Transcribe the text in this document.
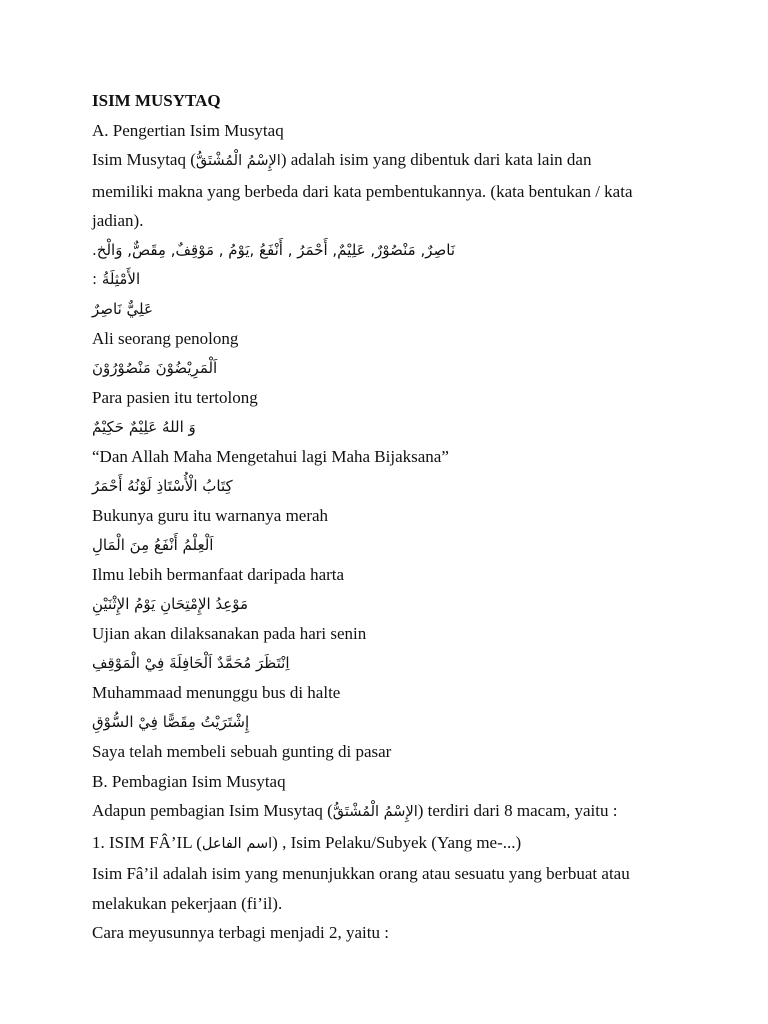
ISIM MUSYTAQ
A. Pengertian Isim Musytaq
Isim Musytaq (الإِسْمُ الْمُشْتَقُّ) adalah isim yang dibentuk dari kata lain dan
memiliki makna yang berbeda dari kata pembentukannya. (kata bentukan / kata
jadian).
نَاصِرٌ, مَنْصُوْرٌ, عَلِيْمٌ, أَحْمَرُ , أَنْفَعُ ,يَوْمُ , مَوْقِفٌ, مِقَصٌّ, وَالْخ.
الأَمْثِلَةُ :
عَلِيٌّ نَاصِرٌ
Ali seorang penolong
اَلْمَرِيْضُوْنَ مَنْصُوْرُوْنَ
Para pasien itu tertolong
وَ اللهُ عَلِيْمٌ حَكِيْمٌ
“Dan Allah Maha Mengetahui lagi Maha Bijaksana”
كِتَابُ الْأُسْتَاذِ لَوْنُهُ أَحْمَرُ
Bukunya guru itu warnanya merah
اَلْعِلْمُ أَنْفَعُ مِنَ الْمَالِ
Ilmu lebih bermanfaat daripada harta
مَوْعِدُ الإِمْتِحَانِ يَوْمُ الإِثْنَيْنِ
Ujian akan dilaksanakan pada hari senin
اِنْتَظَرَ مُحَمَّدٌ اَلْحَافِلَةَ فِيْ الْمَوْقِفِ
Muhammaad menunggu bus di halte
إِشْتَرَيْتُ مِقَصًّا فِيْ السُّوْقِ
Saya telah membeli sebuah gunting di pasar
B. Pembagian Isim Musytaq
Adapun pembagian Isim Musytaq (الإِسْمُ الْمُشْتَقُّ) terdiri dari 8 macam, yaitu :
1. ISIM FÂ’IL (اسم الفاعل) , Isim Pelaku/Subyek (Yang me-...)
Isim Fâ’il adalah isim yang menunjukkan orang atau sesuatu yang berbuat atau
melakukan pekerjaan (fi’il).
Cara meyusunnya terbagi menjadi 2, yaitu :
